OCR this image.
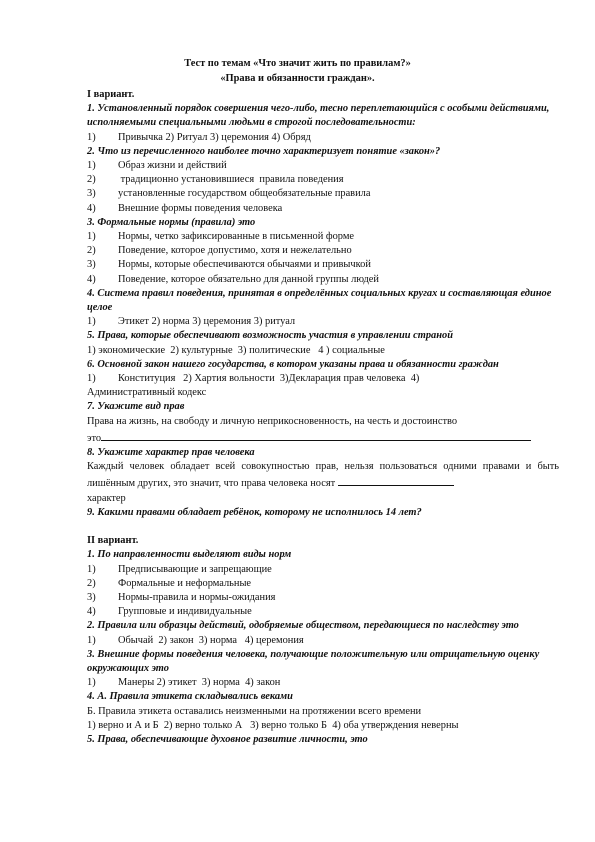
Тест по темам «Что значит жить по правилам?»
«Права и обязанности граждан».
I вариант.
1. Установленный порядок совершения чего-либо, тесно переплетающийся с особыми действиями, исполняемыми специальными людьми в строгой последовательности:
1) Привычка 2) Ритуал 3) церемония 4) Обряд
2. Что из перечисленного наиболее точно характеризует понятие «закон»?
1) Образ жизни и действий
2) традиционно установившиеся  правила поведения
3) установленные государством общеобязательные правила
4) Внешние формы поведения человека
3. Формальные нормы (правила) это
1) Нормы, четко зафиксированные в письменной форме
2) Поведение, которое допустимо, хотя и нежелательно
3) Нормы, которые обеспечиваются обычаями и привычкой
4) Поведение, которое обязательно для данной группы людей
4. Система правил поведения, принятая в определённых социальных кругах и составляющая единое целое
1) Этикет 2) норма 3) церемония 3) ритуал
5. Права, которые обеспечивают возможность участия в управлении страной
1) экономические  2) культурные  3) политические   4 ) социальные
6. Основной закон нашего государства, в котором указаны права и обязанности граждан
1) Конституция   2) Хартия вольности  3)Декларация прав человека  4)
Административный кодекс
7. Укажите вид прав
Права на жизнь, на свободу и личную неприкосновенность, на честь и достоинство
это
8. Укажите характер прав человека
Каждый человек обладает всей совокупностью прав, нельзя пользоваться одними правами и быть лишённым других, это значит, что права человека носят
характер
9. Какими правами обладает ребёнок, которому не исполнилось 14 лет?
II вариант.
1. По направленности выделяют виды норм
1) Предписывающие и запрещающие
2) Формальные и неформальные
3) Нормы-правила и нормы-ожидания
4) Групповые и индивидуальные
2. Правила или образцы действий, одобряемые обществом, передающиеся по наследству это
1) Обычай  2) закон  3) норма   4) церемония
3. Внешние формы поведения человека, получающие положительную или отрицательную оценку окружающих это
1) Манеры 2) этикет  3) норма  4) закон
4. А. Правила этикета складывались веками
Б. Правила этикета оставались неизменными на протяжении всего времени
1) верно и А и Б  2) верно только А   3) верно только Б  4) оба утверждения неверны
5. Права, обеспечивающие духовное развитие личности, это
